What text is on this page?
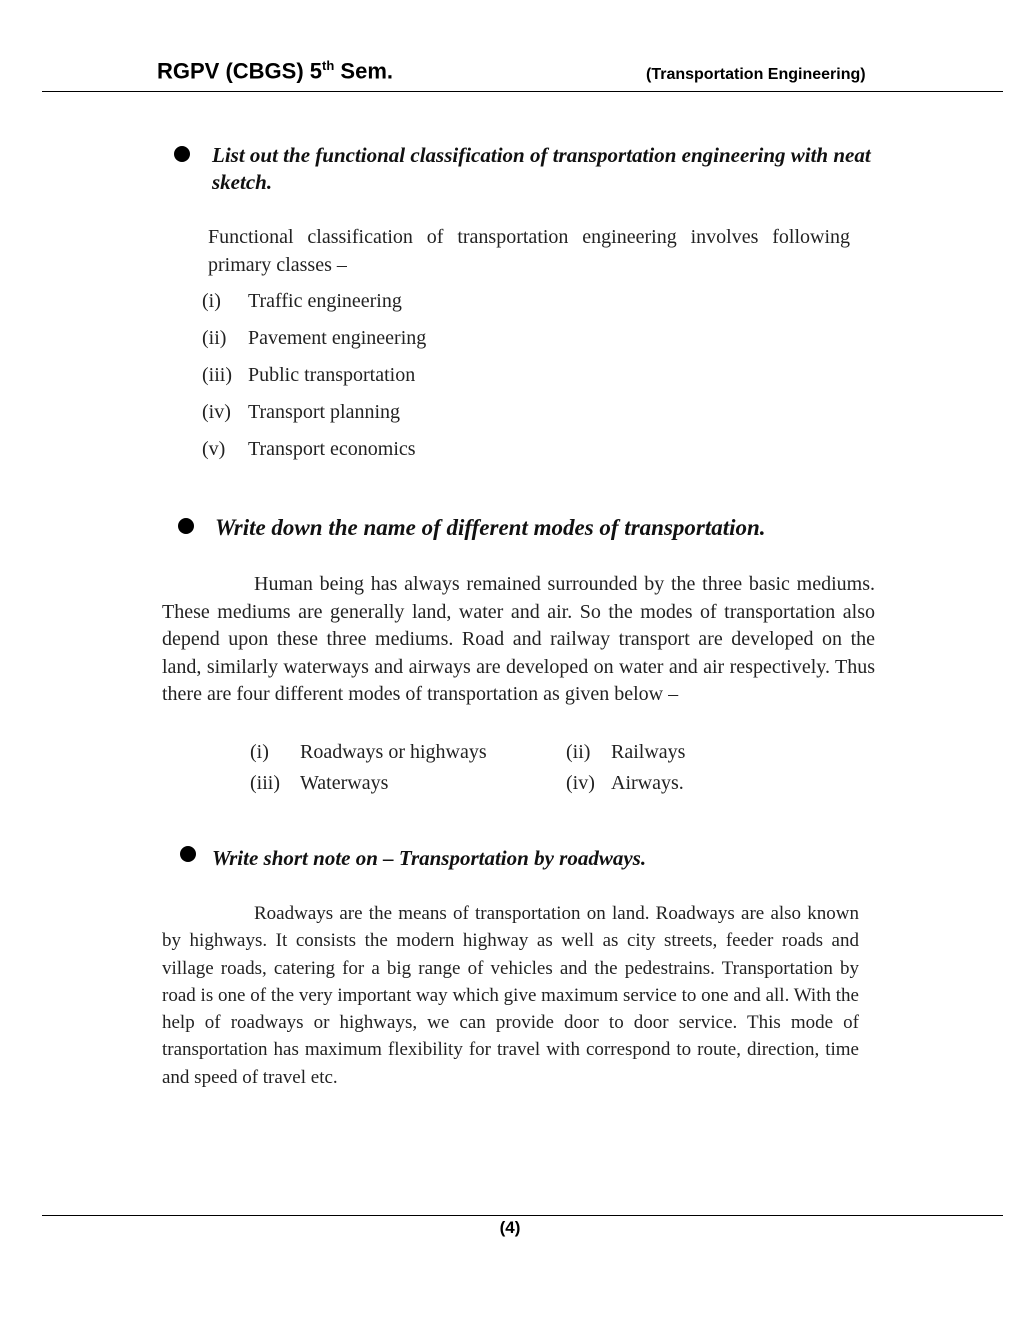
RGPV (CBGS) 5th Sem.	(Transportation Engineering)
List out the functional classification of transportation engineering with neat sketch.
Functional classification of transportation engineering involves following primary classes –
(i) Traffic engineering
(ii) Pavement engineering
(iii) Public transportation
(iv) Transport planning
(v) Transport economics
Write down the name of different modes of transportation.
Human being has always remained surrounded by the three basic mediums. These mediums are generally land, water and air. So the modes of transportation also depend upon these three mediums. Road and railway transport are developed on the land, similarly waterways and airways are developed on water and air respectively. Thus there are four different modes of transportation as given below –
(i) Roadways or highways	(ii) Railways
(iii) Waterways	(iv) Airways.
Write short note on – Transportation by roadways.
Roadways are the means of transportation on land. Roadways are also known by highways. It consists the modern highway as well as city streets, feeder roads and village roads, catering for a big range of vehicles and the pedestrains. Transportation by road is one of the very important way which give maximum service to one and all. With the help of roadways or highways, we can provide door to door service. This mode of transportation has maximum flexibility for travel with correspond to route, direction, time and speed of travel etc.
(4)
